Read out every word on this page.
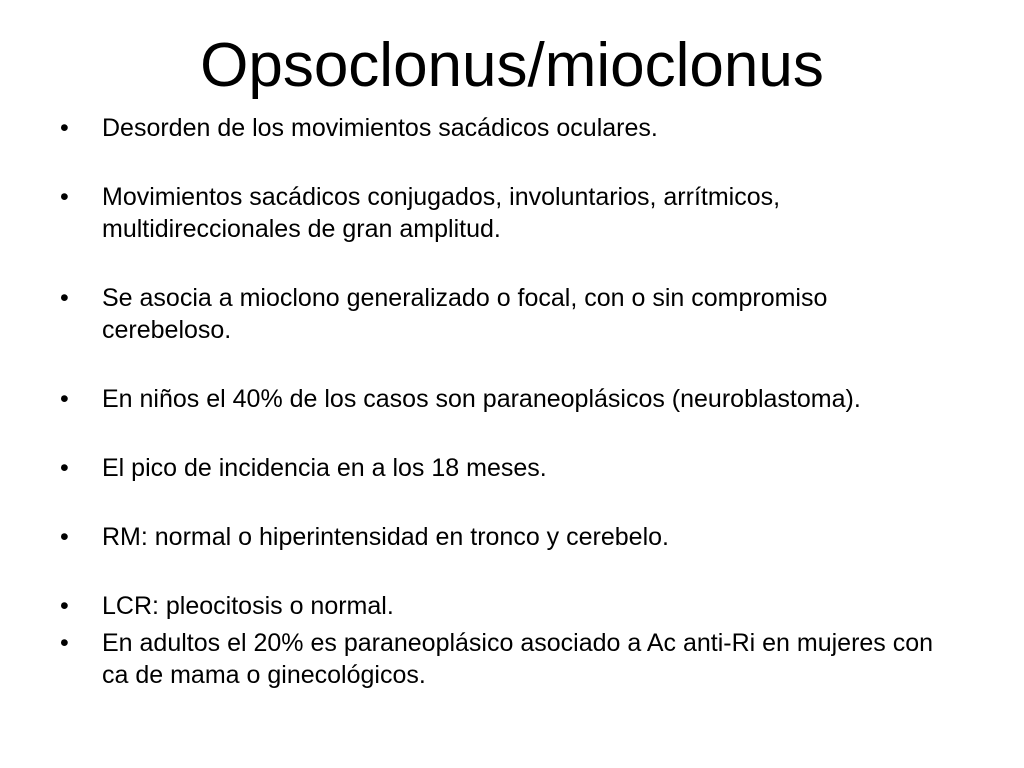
Opsoclonus/mioclonus
• Desorden de los movimientos sacádicos oculares.
• Movimientos sacádicos conjugados, involuntarios, arrítmicos, multidireccionales de gran amplitud.
• Se asocia a mioclono generalizado o focal, con o sin compromiso cerebeloso.
• En niños el 40% de los casos son paraneoplásicos (neuroblastoma).
• El pico de incidencia en a los 18 meses.
• RM: normal o hiperintensidad en tronco y cerebelo.
• LCR: pleocitosis o normal.
• En adultos el 20% es paraneoplásico asociado a Ac anti-Ri en mujeres con ca de mama o ginecológicos.
